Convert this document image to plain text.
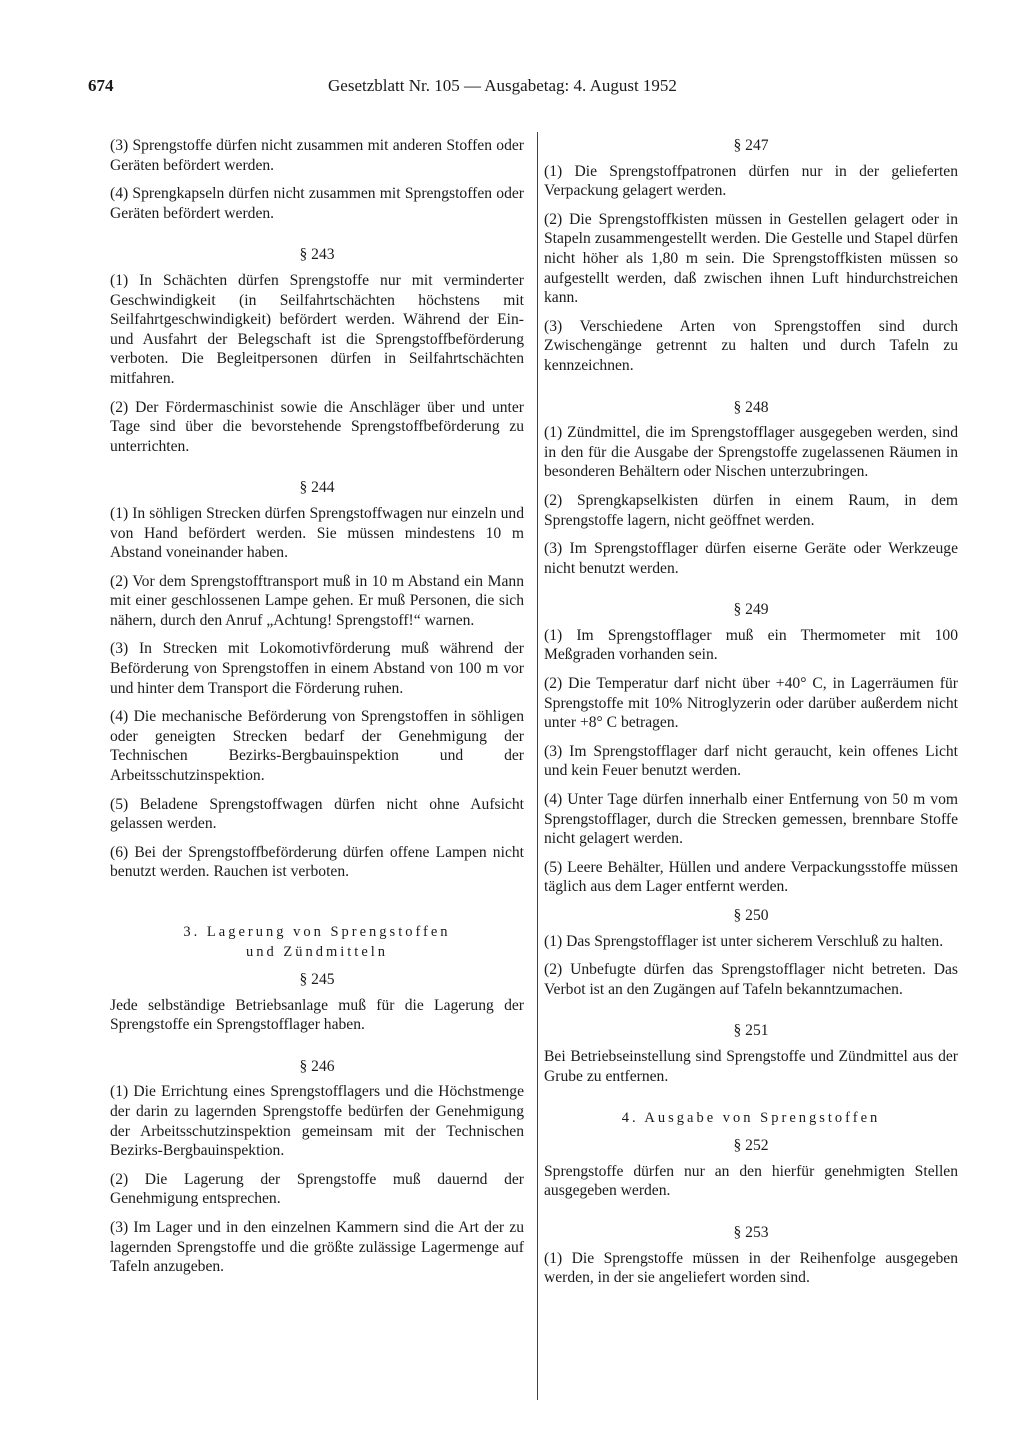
674	Gesetzblatt Nr. 105 — Ausgabetag: 4. August 1952

(3) Sprengstoffe dürfen nicht zusammen mit anderen Stoffen oder Geräten befördert werden.

(4) Sprengkapseln dürfen nicht zusammen mit Sprengstoffen oder Geräten befördert werden.

§ 243

(1) In Schächten dürfen Sprengstoffe nur mit verminderter Geschwindigkeit (in Seilfahrtschächten höchstens mit Seilfahrtgeschwindigkeit) befördert werden. Während der Ein- und Ausfahrt der Belegschaft ist die Sprengstoffbeförderung verboten. Die Begleitpersonen dürfen in Seilfahrtschächten mitfahren.

(2) Der Fördermaschinist sowie die Anschläger über und unter Tage sind über die bevorstehende Sprengstoffbeförderung zu unterrichten.

§ 244

(1) In söhligen Strecken dürfen Sprengstoffwagen nur einzeln und von Hand befördert werden. Sie müssen mindestens 10 m Abstand voneinander haben.

(2) Vor dem Sprengstofftransport muß in 10 m Abstand ein Mann mit einer geschlossenen Lampe gehen. Er muß Personen, die sich nähern, durch den Anruf „Achtung! Sprengstoff!“ warnen.

(3) In Strecken mit Lokomotivförderung muß während der Beförderung von Sprengstoffen in einem Abstand von 100 m vor und hinter dem Transport die Förderung ruhen.

(4) Die mechanische Beförderung von Sprengstoffen in söhligen oder geneigten Strecken bedarf der Genehmigung der Technischen Bezirks-Bergbauinspektion und der Arbeitsschutzinspektion.

(5) Beladene Sprengstoffwagen dürfen nicht ohne Aufsicht gelassen werden.

(6) Bei der Sprengstoffbeförderung dürfen offene Lampen nicht benutzt werden. Rauchen ist verboten.

3. Lagerung von Sprengstoffen
und Zündmitteln
§ 245

Jede selbständige Betriebsanlage muß für die Lagerung der Sprengstoffe ein Sprengstofflager haben.

§ 246

(1) Die Errichtung eines Sprengstofflagers und die Höchstmenge der darin zu lagernden Sprengstoffe bedürfen der Genehmigung der Arbeitsschutzinspektion gemeinsam mit der Technischen Bezirks-Bergbauinspektion.

(2) Die Lagerung der Sprengstoffe muß dauernd der Genehmigung entsprechen.

(3) Im Lager und in den einzelnen Kammern sind die Art der zu lagernden Sprengstoffe und die größte zulässige Lagermenge auf Tafeln anzugeben.

§ 247

(1) Die Sprengstoffpatronen dürfen nur in der gelieferten Verpackung gelagert werden.

(2) Die Sprengstoffkisten müssen in Gestellen gelagert oder in Stapeln zusammengestellt werden. Die Gestelle und Stapel dürfen nicht höher als 1,80 m sein. Die Sprengstoffkisten müssen so aufgestellt werden, daß zwischen ihnen Luft hindurchstreichen kann.

(3) Verschiedene Arten von Sprengstoffen sind durch Zwischengänge getrennt zu halten und durch Tafeln zu kennzeichnen.

§ 248

(1) Zündmittel, die im Sprengstofflager ausgegeben werden, sind in den für die Ausgabe der Sprengstoffe zugelassenen Räumen in besonderen Behältern oder Nischen unterzubringen.

(2) Sprengkapselkisten dürfen in einem Raum, in dem Sprengstoffe lagern, nicht geöffnet werden.

(3) Im Sprengstofflager dürfen eiserne Geräte oder Werkzeuge nicht benutzt werden.

§ 249

(1) Im Sprengstofflager muß ein Thermometer mit 100 Meßgraden vorhanden sein.

(2) Die Temperatur darf nicht über +40° C, in Lagerräumen für Sprengstoffe mit 10% Nitroglyzerin oder darüber außerdem nicht unter +8° C betragen.

(3) Im Sprengstofflager darf nicht geraucht, kein offenes Licht und kein Feuer benutzt werden.

(4) Unter Tage dürfen innerhalb einer Entfernung von 50 m vom Sprengstofflager, durch die Strecken gemessen, brennbare Stoffe nicht gelagert werden.

(5) Leere Behälter, Hüllen und andere Verpackungsstoffe müssen täglich aus dem Lager entfernt werden.

§ 250

(1) Das Sprengstofflager ist unter sicherem Verschluß zu halten.

(2) Unbefugte dürfen das Sprengstofflager nicht betreten. Das Verbot ist an den Zugängen auf Tafeln bekanntzumachen.

§ 251

Bei Betriebseinstellung sind Sprengstoffe und Zündmittel aus der Grube zu entfernen.

4. Ausgabe von Sprengstoffen
§ 252

Sprengstoffe dürfen nur an den hierfür genehmigten Stellen ausgegeben werden.

§ 253

(1) Die Sprengstoffe müssen in der Reihenfolge ausgegeben werden, in der sie angeliefert worden sind.
